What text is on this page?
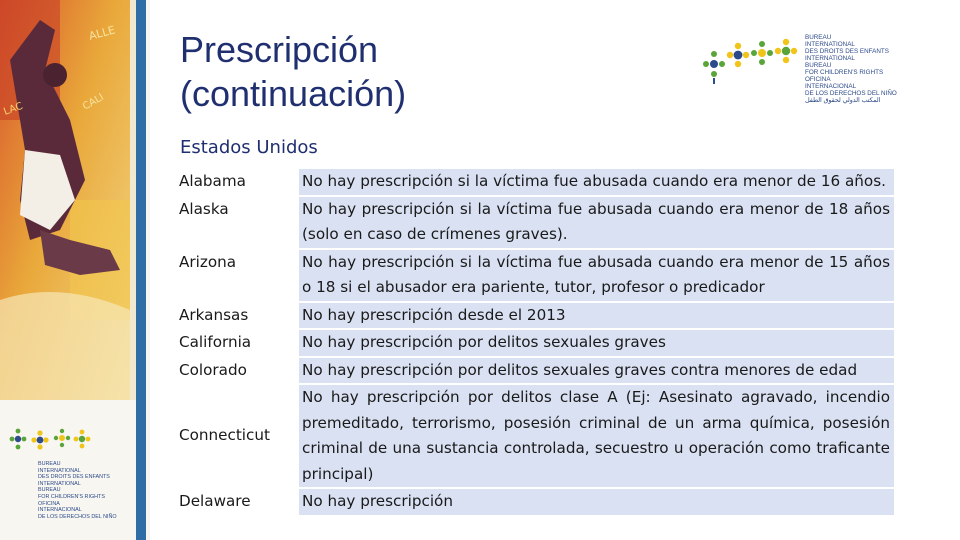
ALLE
LAC	CALI
BUREAU
INTERNATIONAL
DES DROITS DES ENFANTS
INTERNATIONAL
BUREAU
FOR CHILDREN'S RIGHTS
OFICINA
INTERNACIONAL
DE LOS DERECHOS DEL NIÑO
Prescripción
(continuación)
BUREAU
INTERNATIONAL
DES DROITS DES ENFANTS
INTERNATIONAL
BUREAU
FOR CHILDREN'S RIGHTS
OFICINA
INTERNACIONAL
DE LOS DERECHOS DEL NIÑO
المكتب الدولي لحقوق الطفل
Estados Unidos
Alabama	No hay prescripción si la víctima fue abusada cuando era menor de 16 años.
Alaska	No hay prescripción si la víctima fue abusada cuando era menor de 18 años (solo en caso de crímenes graves).
Arizona	No hay prescripción si la víctima fue abusada cuando era menor de 15 años o 18 si el abusador era pariente, tutor, profesor o predicador
Arkansas	No hay prescripción desde el 2013
California	No hay prescripción por delitos sexuales graves
Colorado	No hay prescripción por delitos sexuales graves contra menores de edad
Connecticut	No hay prescripción por delitos clase A (Ej: Asesinato agravado, incendio premeditado, terrorismo, posesión criminal de un arma química, posesión criminal de una sustancia controlada, secuestro u operación como traficante principal)
Delaware	No hay prescripción
